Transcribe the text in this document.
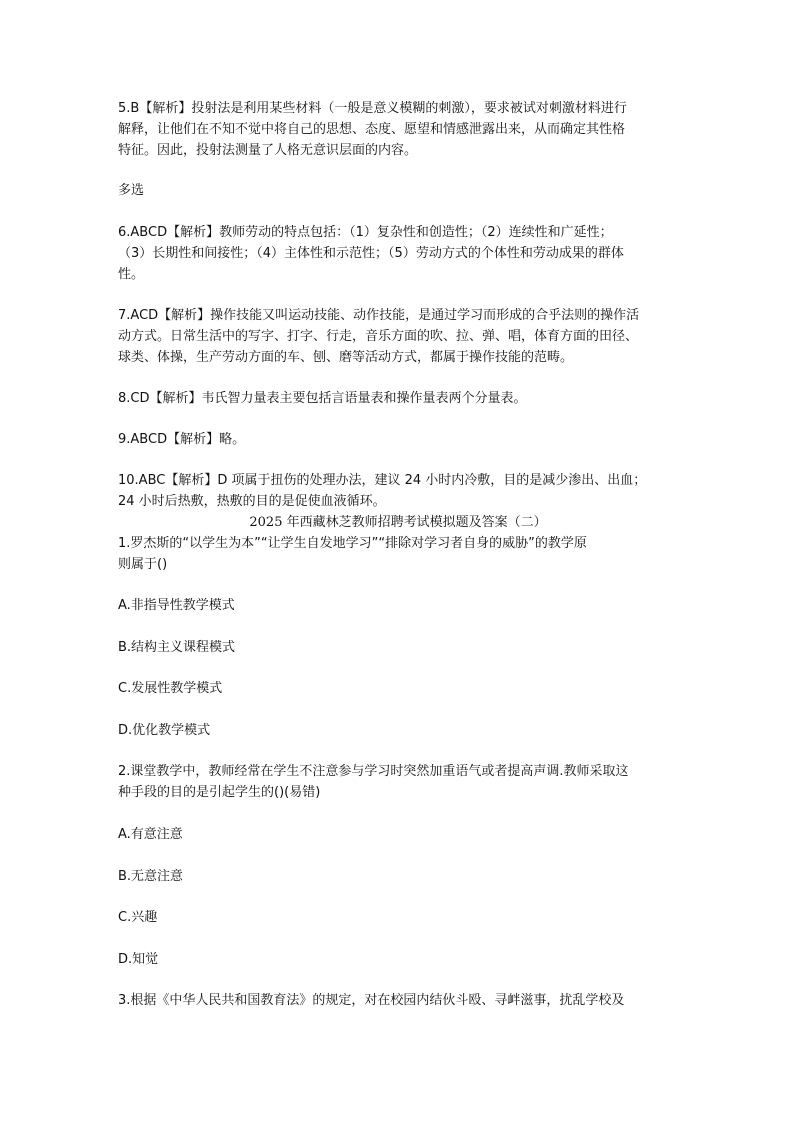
5.B【解析】投射法是利用某些材料（一般是意义模糊的刺激），要求被试对刺激材料进行
解释，让他们在不知不觉中将自己的思想、态度、愿望和情感泄露出来，从而确定其性格
特征。因此，投射法测量了人格无意识层面的内容。
多选
6.ABCD【解析】教师劳动的特点包括：（1）复杂性和创造性；（2）连续性和广延性；
（3）长期性和间接性；（4）主体性和示范性；（5）劳动方式的个体性和劳动成果的群体
性。
7.ACD【解析】操作技能又叫运动技能、动作技能，是通过学习而形成的合乎法则的操作活
动方式。日常生活中的写字、打字、行走，音乐方面的吹、拉、弹、唱，体育方面的田径、
球类、体操，生产劳动方面的车、刨、磨等活动方式，都属于操作技能的范畴。
8.CD【解析】韦氏智力量表主要包括言语量表和操作量表两个分量表。
9.ABCD【解析】略。
10.ABC【解析】D 项属于扭伤的处理办法，建议 24 小时内冷敷，目的是减少渗出、出血；
24 小时后热敷，热敷的目的是促使血液循环。
2025 年西藏林芝教师招聘考试模拟题及答案（二）
1.罗杰斯的“以学生为本”“让学生自发地学习”“排除对学习者自身的威胁”的教学原
则属于()
A.非指导性教学模式
B.结构主义课程模式
C.发展性教学模式
D.优化教学模式
2.课堂教学中，教师经常在学生不注意参与学习时突然加重语气或者提高声调.教师采取这
种手段的目的是引起学生的()(易错)
A.有意注意
B.无意注意
C.兴趣
D.知觉
3.根据《中华人民共和国教育法》的规定，对在校园内结伙斗殴、寻衅滋事，扰乱学校及
